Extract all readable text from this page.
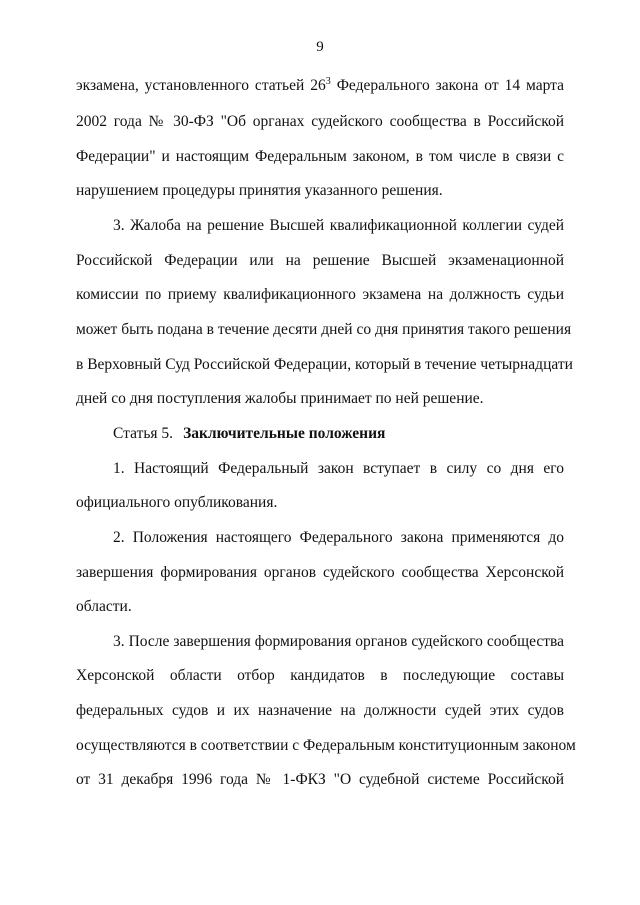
9
экзамена, установленного статьей $26^3$ Федерального закона от 14 марта
2002 года № 30-ФЗ "Об органах судейского сообщества в Российской
Федерации" и настоящим Федеральным законом, в том числе в связи с
нарушением процедуры принятия указанного решения.
3. Жалоба на решение Высшей квалификационной коллегии судей
Российской Федерации или на решение Высшей экзаменационной
комиссии по приему квалификационного экзамена на должность судьи
может быть подана в течение десяти дней со дня принятия такого решения
в Верховный Суд Российской Федерации, который в течение четырнадцати
дней со дня поступления жалобы принимает по ней решение.
Статья 5. Заключительные положения
1. Настоящий Федеральный закон вступает в силу со дня его
официального опубликования.
2. Положения настоящего Федерального закона применяются до
завершения формирования органов судейского сообщества Херсонской
области.
3. После завершения формирования органов судейского сообщества
Херсонской области отбор кандидатов в последующие составы
федеральных судов и их назначение на должности судей этих судов
осуществляются в соответствии с Федеральным конституционным законом
от 31 декабря 1996 года № 1-ФКЗ "О судебной системе Российской
